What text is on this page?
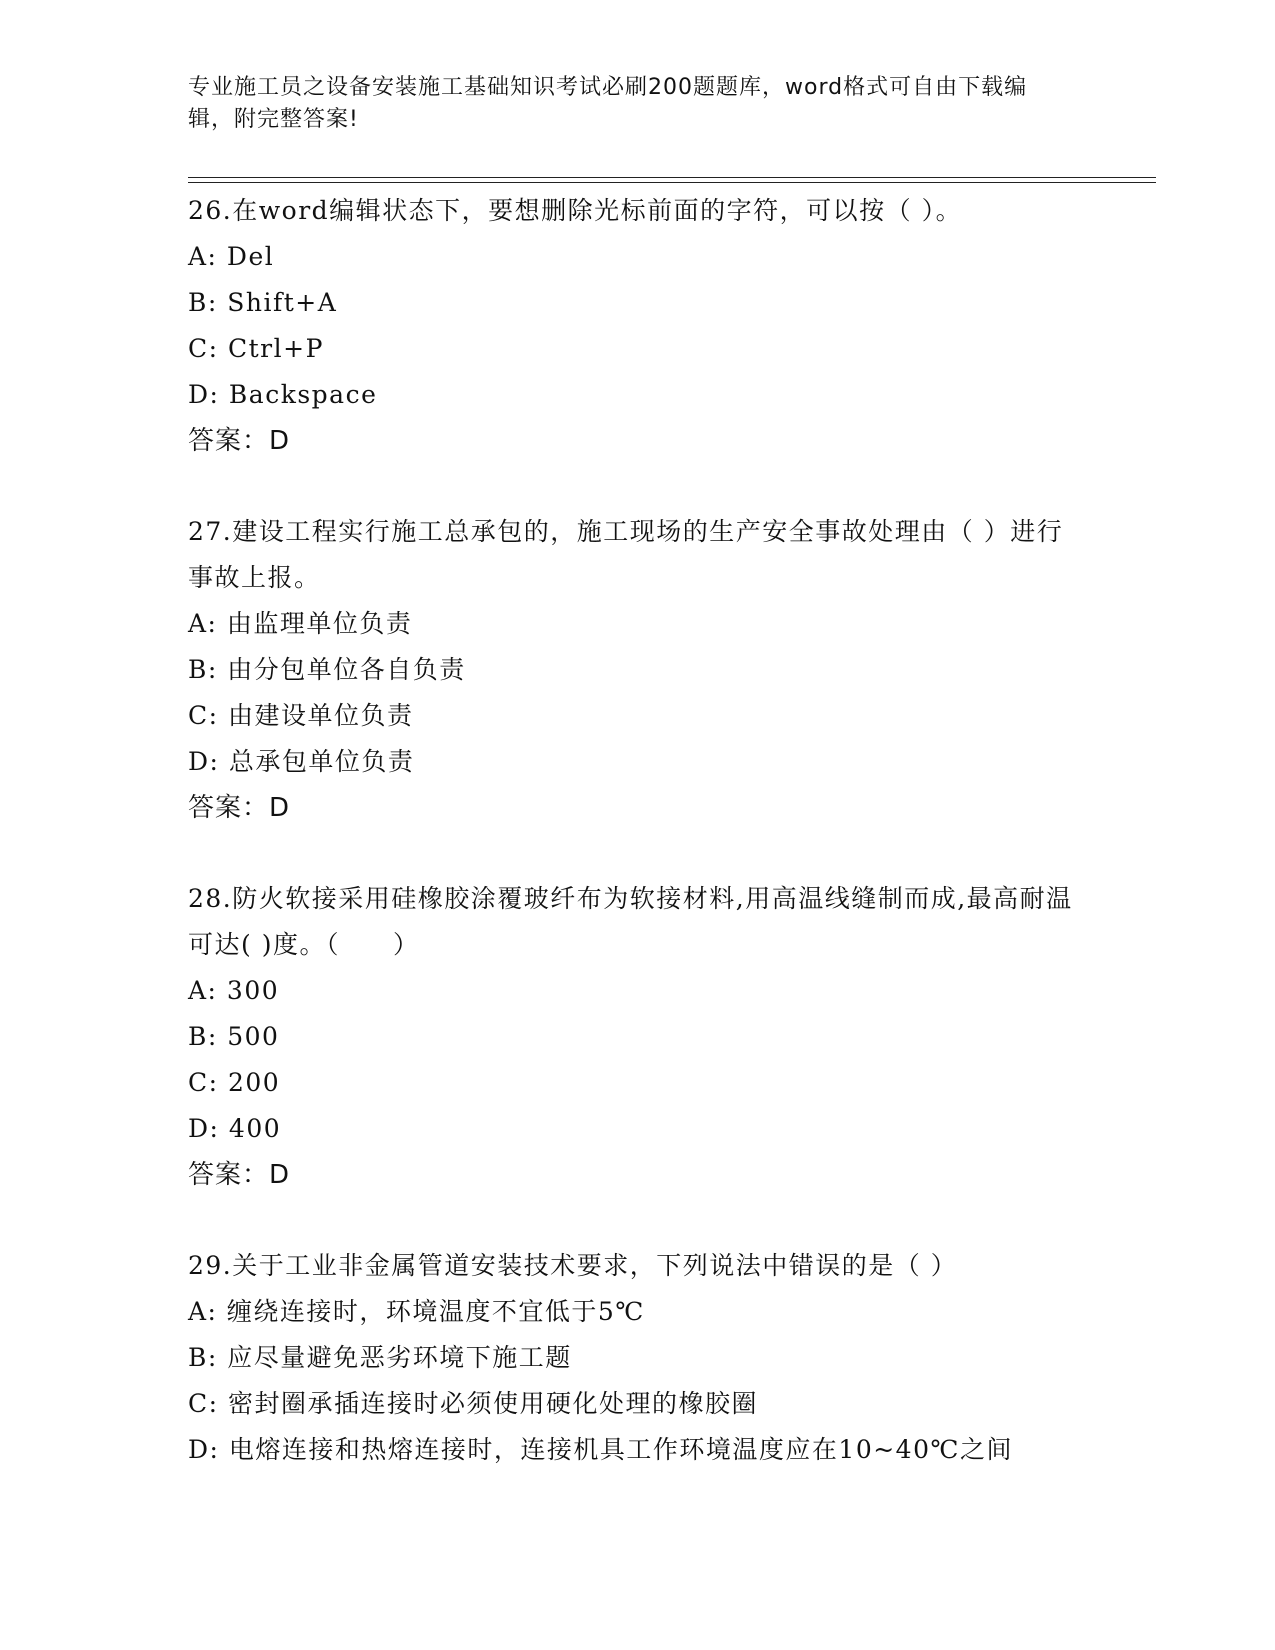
专业施工员之设备安装施工基础知识考试必刷200题题库，word格式可自由下载编辑，附完整答案!
26.在word编辑状态下，要想删除光标前面的字符，可以按（ ）。
A: Del
B: Shift+A
C: Ctrl+P
D: Backspace
答案：D
27.建设工程实行施工总承包的，施工现场的生产安全事故处理由（ ）进行事故上报。
A: 由监理单位负责
B: 由分包单位各自负责
C: 由建设单位负责
D: 总承包单位负责
答案：D
28.防火软接采用硅橡胶涂覆玻纤布为软接材料,用高温线缝制而成,最高耐温可达( )度。（　　）
A: 300
B: 500
C: 200
D: 400
答案：D
29.关于工业非金属管道安装技术要求，下列说法中错误的是（ ）
A: 缠绕连接时，环境温度不宜低于5℃
B: 应尽量避免恶劣环境下施工题
C: 密封圈承插连接时必须使用硬化处理的橡胶圈
D: 电熔连接和热熔连接时，连接机具工作环境温度应在10~40℃之间
